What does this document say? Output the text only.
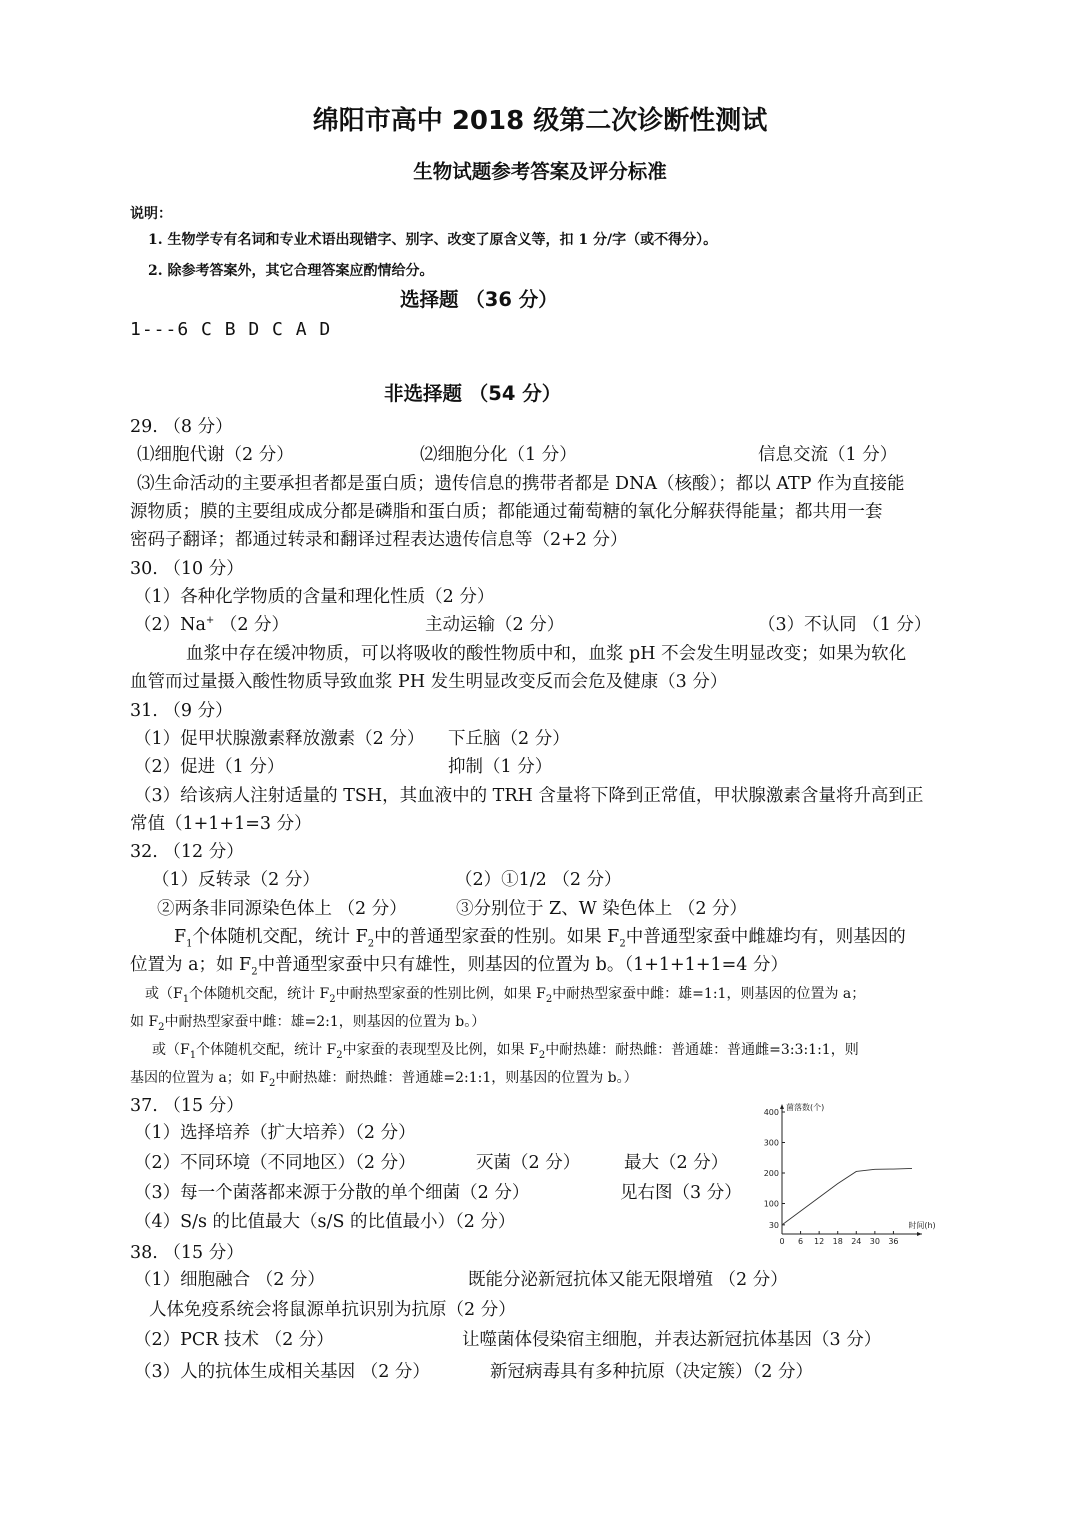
绵阳市高中 2018 级第二次诊断性测试
生物试题参考答案及评分标准
说明：
1. 生物学专有名词和专业术语出现错字、别字、改变了原含义等，扣 1 分/字（或不得分）。
2. 除参考答案外，其它合理答案应酌情给分。
选择题 （36 分）
1---6 C B D C A D
非选择题 （54 分）
29. （8 分）
⑴细胞代谢（2 分）	⑵细胞分化（1 分）	信息交流（1 分）
⑶生命活动的主要承担者都是蛋白质；遗传信息的携带者都是 DNA（核酸）；都以 ATP 作为直接能
源物质；膜的主要组成成分都是磷脂和蛋白质；都能通过葡萄糖的氧化分解获得能量；都共用一套
密码子翻译；都通过转录和翻译过程表达遗传信息等（2+2 分）
30. （10 分）
（1）各种化学物质的含量和理化性质（2 分）
（2）Na+ （2 分）	主动运输（2 分）	（3）不认同 （1 分）
血浆中存在缓冲物质，可以将吸收的酸性物质中和，血浆 pH 不会发生明显改变；如果为软化
血管而过量摄入酸性物质导致血浆 PH 发生明显改变反而会危及健康（3 分）
31. （9 分）
（1）促甲状腺激素释放激素（2 分） 下丘脑（2 分）
（2）促进（1 分）	抑制（1 分）
（3）给该病人注射适量的 TSH，其血液中的 TRH 含量将下降到正常值，甲状腺激素含量将升高到正
常值（1+1+1=3 分）
32. （12 分）
（1）反转录（2 分）	（2）①1/2 （2 分）
②两条非同源染色体上 （2 分）	③分别位于 Z、W 染色体上 （2 分）
$F_1$个体随机交配，统计 $F_2$中的普通型家蚕的性别。如果 $F_2$中普通型家蚕中雌雄均有，则基因的
位置为 a；如 $F_2$中普通型家蚕中只有雄性，则基因的位置为 b。（1+1+1+1=4 分）
或（$F_1$个体随机交配，统计 $F_2$中耐热型家蚕的性别比例，如果 $F_2$中耐热型家蚕中雌：雄=1:1，则基因的位置为 a；
如 $F_2$中耐热型家蚕中雌：雄=2:1，则基因的位置为 b。）
或（$F_1$个体随机交配，统计 $F_2$中家蚕的表现型及比例，如果 $F_2$中耐热雄：耐热雌：普通雄：普通雌=3:3:1:1，则
基因的位置为 a；如 $F_2$中耐热雄：耐热雌：普通雄=2:1:1，则基因的位置为 b。）
37. （15 分）
（1）选择培养（扩大培养）（2 分）
（2）不同环境（不同地区）（2 分）	灭菌（2 分）	最大（2 分）
（3）每一个菌落都来源于分散的单个细菌（2 分）	见右图（3 分）
（4）S/s 的比值最大（s/S 的比值最小）（2 分）
0 6 12 18 24 30 36
30
100
200
300
400
菌落数(个)
时间(h)
38. （15 分）
（1）细胞融合 （2 分）	既能分泌新冠抗体又能无限增殖 （2 分）
人体免疫系统会将鼠源单抗识别为抗原（2 分）
（2）PCR 技术 （2 分）	让噬菌体侵染宿主细胞，并表达新冠抗体基因（3 分）
（3）人的抗体生成相关基因 （2 分）	新冠病毒具有多种抗原（决定簇）（2 分）
